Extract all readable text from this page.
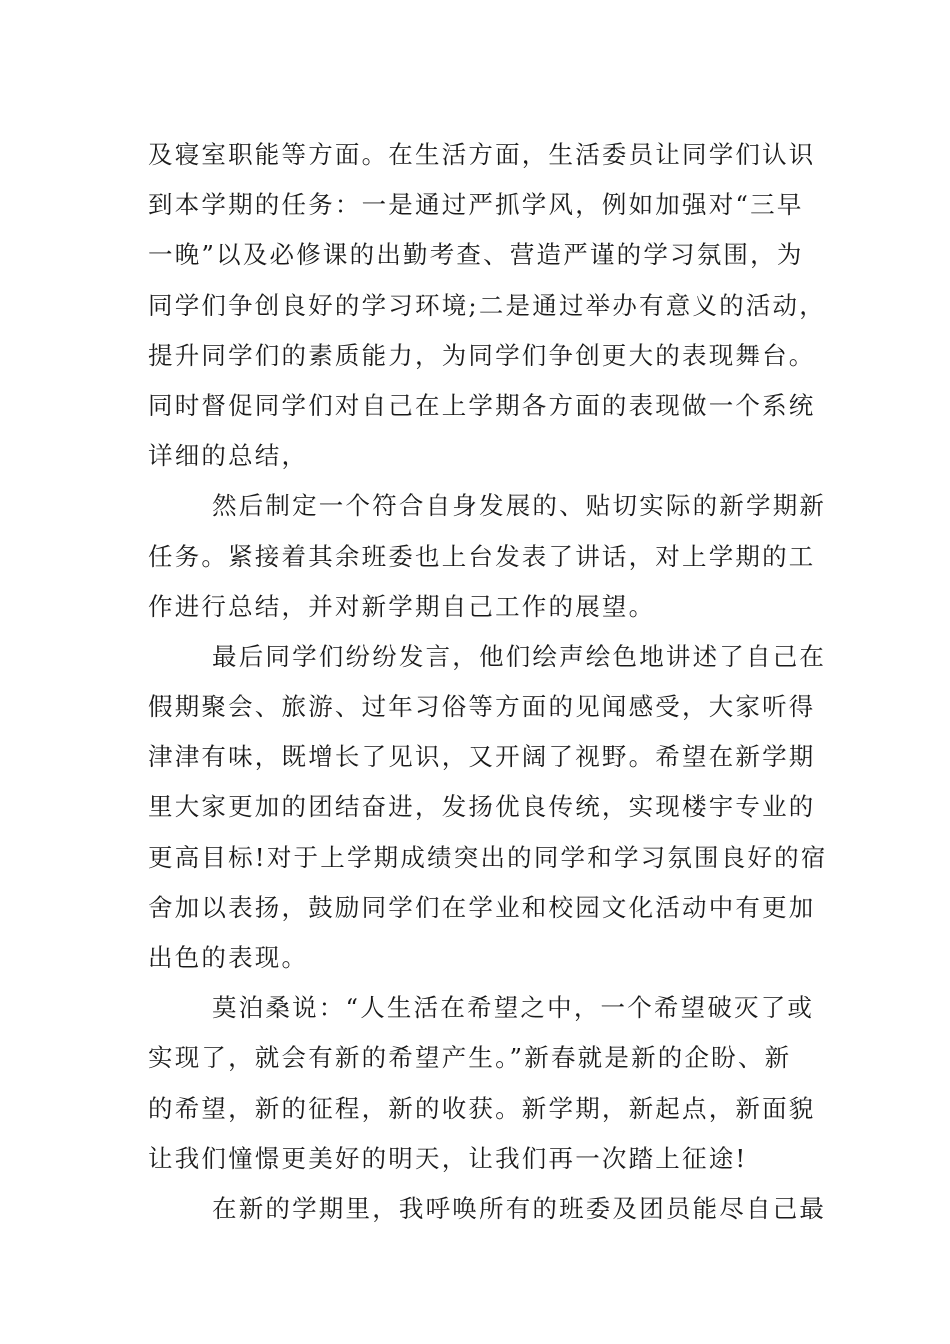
及寝室职能等方面。在生活方面，生活委员让同学们认识
到本学期的任务：一是通过严抓学风，例如加强对“三早
一晚”以及必修课的出勤考查、营造严谨的学习氛围，为
同学们争创良好的学习环境;二是通过举办有意义的活动，
提升同学们的素质能力，为同学们争创更大的表现舞台。
同时督促同学们对自己在上学期各方面的表现做一个系统
详细的总结，
然后制定一个符合自身发展的、贴切实际的新学期新
任务。紧接着其余班委也上台发表了讲话，对上学期的工
作进行总结，并对新学期自己工作的展望。
最后同学们纷纷发言，他们绘声绘色地讲述了自己在
假期聚会、旅游、过年习俗等方面的见闻感受，大家听得
津津有味，既增长了见识，又开阔了视野。希望在新学期
里大家更加的团结奋进，发扬优良传统，实现楼宇专业的
更高目标!对于上学期成绩突出的同学和学习氛围良好的宿
舍加以表扬，鼓励同学们在学业和校园文化活动中有更加
出色的表现。
莫泊桑说：“人生活在希望之中，一个希望破灭了或
实现了，就会有新的希望产生。”新春就是新的企盼、新
的希望，新的征程，新的收获。新学期，新起点，新面貌
让我们憧憬更美好的明天，让我们再一次踏上征途!
在新的学期里，我呼唤所有的班委及团员能尽自己最
